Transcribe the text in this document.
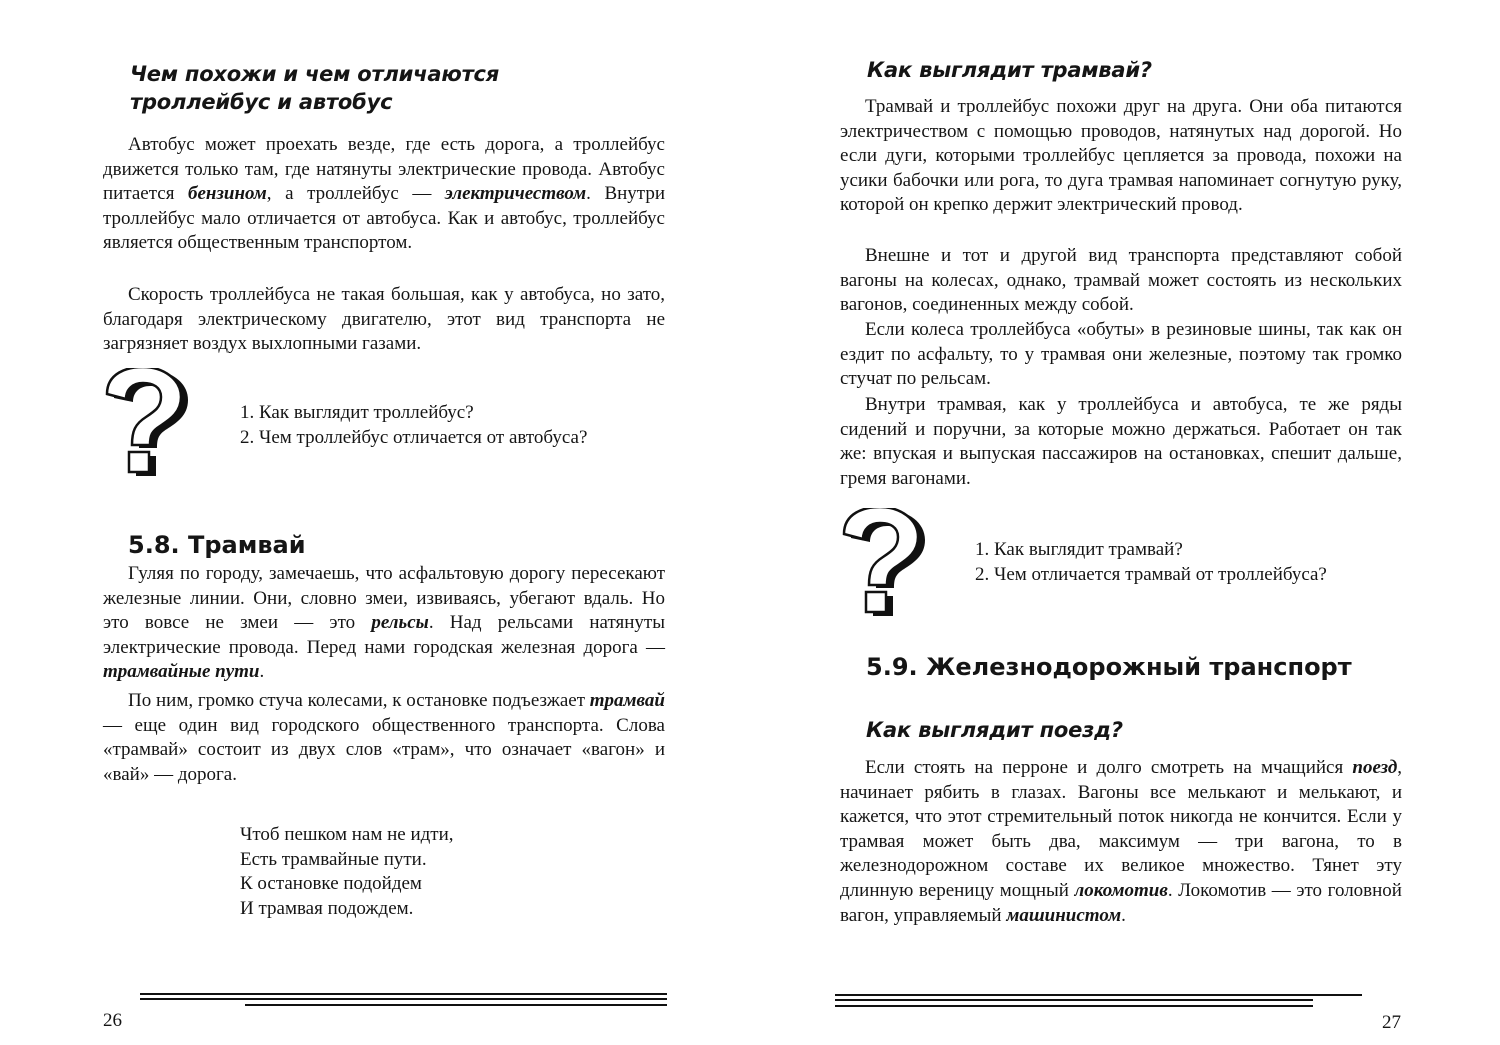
Чем похожи и чем отличаются
троллейбус и автобус

Автобус может проехать везде, где есть дорога, а троллейбус движется только там, где натянуты электрические провода. Автобус питается бензином, а троллейбус — электричеством. Внутри троллейбус мало отличается от автобуса. Как и автобус, троллейбус является общественным транспортом.

Скорость троллейбуса не такая большая, как у автобуса, но зато, благодаря электрическому двигателю, этот вид транспорта не загрязняет воздух выхлопными газами.

1. Как выглядит троллейбус?
2. Чем троллейбус отличается от автобуса?
5.8. Трамвай

Гуляя по городу, замечаешь, что асфальтовую дорогу пересекают железные линии. Они, словно змеи, извиваясь, убегают вдаль. Но это вовсе не змеи — это рельсы. Над рельсами натянуты электрические провода. Перед нами городская железная дорога — трамвайные пути.

По ним, громко стуча колесами, к остановке подъезжает трамвай — еще один вид городского общественного транспорта. Слова «трамвай» состоит из двух слов «трам», что означает «вагон» и «вай» — дорога.

Чтоб пешком нам не идти,
Есть трамвайные пути.
К остановке подойдем
И трамвая подождем.
26
Как выглядит трамвай?

Трамвай и троллейбус похожи друг на друга. Они оба питаются электричеством с помощью проводов, натянутых над дорогой. Но если дуги, которыми троллейбус цепляется за провода, похожи на усики бабочки или рога, то дуга трамвая напоминает согнутую руку, которой он крепко держит электрический провод.

Внешне и тот и другой вид транспорта представляют собой вагоны на колесах, однако, трамвай может состоять из нескольких вагонов, соединенных между собой.

Если колеса троллейбуса «обуты» в резиновые шины, так как он ездит по асфальту, то у трамвая они железные, поэтому так громко стучат по рельсам.

Внутри трамвая, как у троллейбуса и автобуса, те же ряды сидений и поручни, за которые можно держаться. Работает он так же: впуская и выпуская пассажиров на остановках, спешит дальше, гремя вагонами.

1. Как выглядит трамвай?
2. Чем отличается трамвай от троллейбуса?
5.9. Железнодорожный транспорт
Как выглядит поезд?

Если стоять на перроне и долго смотреть на мчащийся поезд, начинает рябить в глазах. Вагоны все мелькают и мелькают, и кажется, что этот стремительный поток никогда не кончится. Если у трамвая может быть два, максимум — три вагона, то в железнодорожном составе их великое множество. Тянет эту длинную вереницу мощный локомотив. Локомотив — это головной вагон, управляемый машинистом.

27
